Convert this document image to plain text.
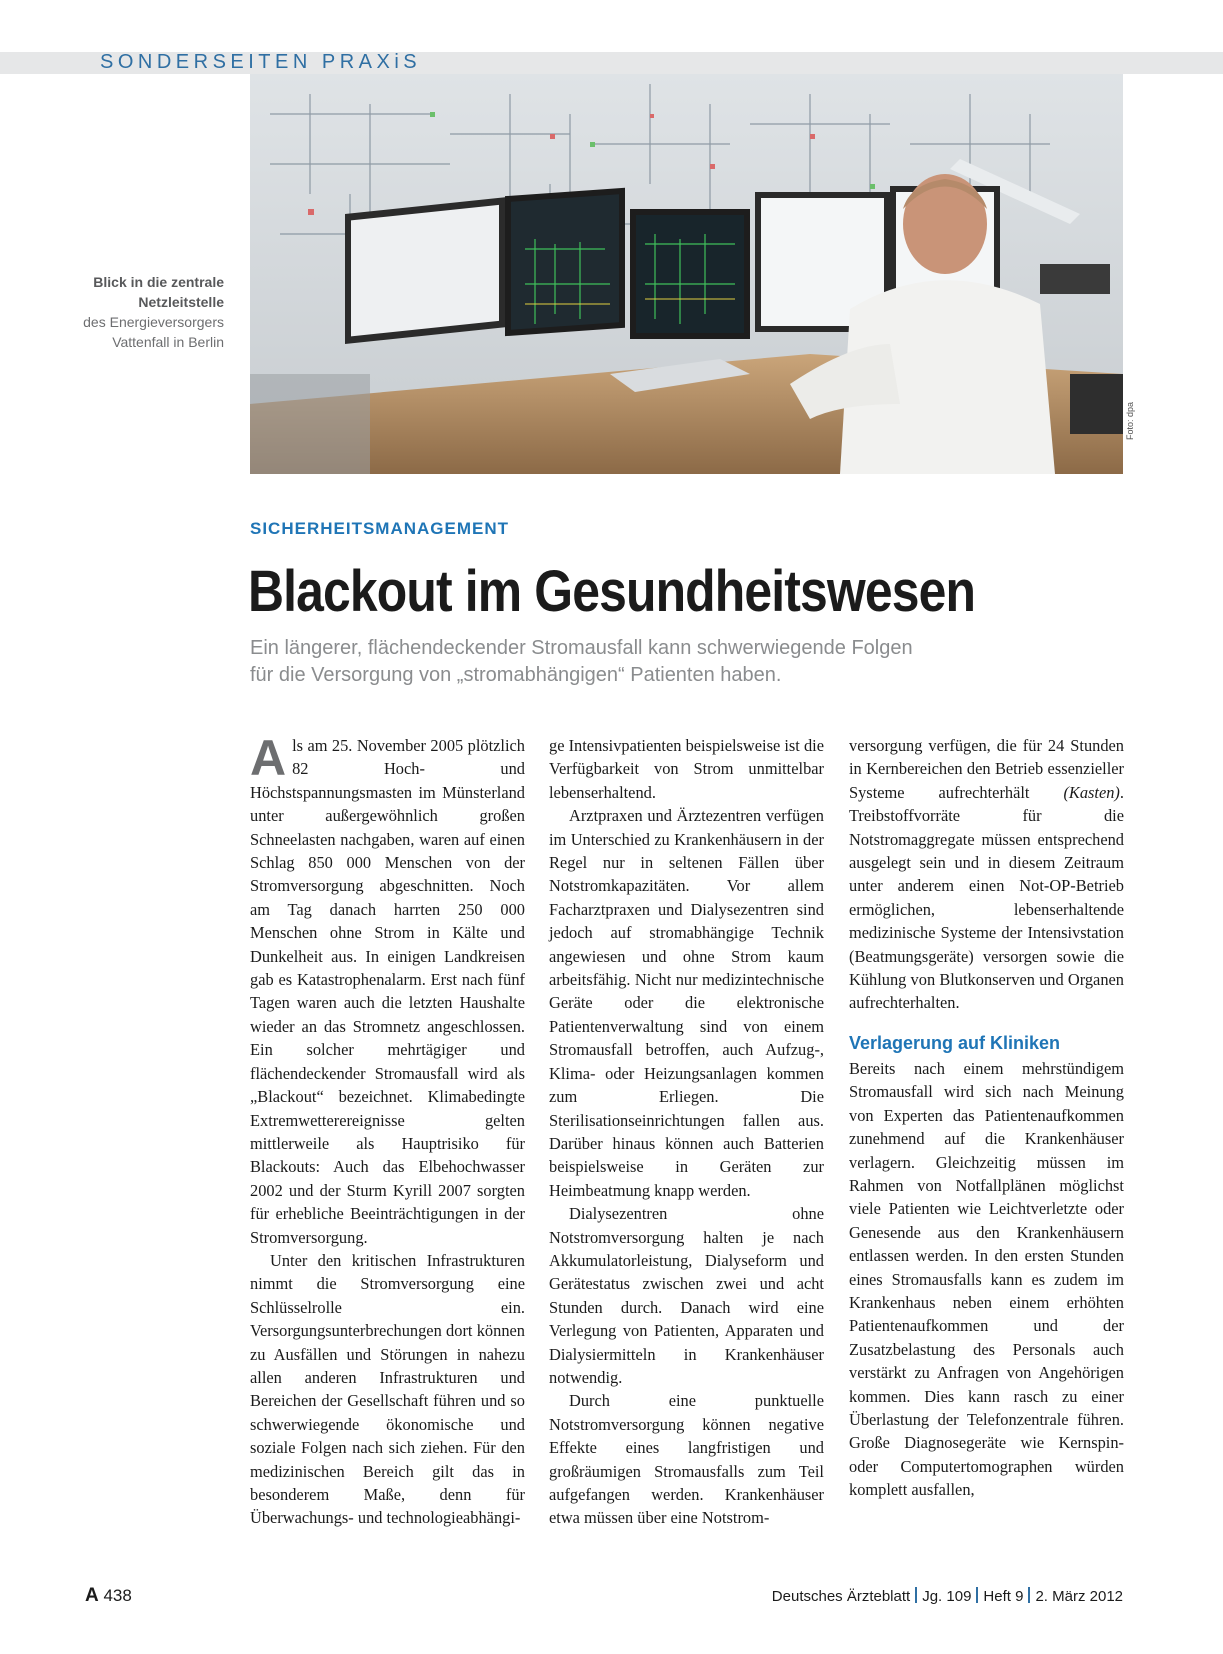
SONDERSEITEN PRAXiS
Foto: dpa
Blick in die zentrale
Netzleitstelle
des Energieversorgers
Vattenfall in Berlin
SICHERHEITSMANAGEMENT
Blackout im Gesundheitswesen
Ein längerer, flächendeckender Stromausfall kann schwerwiegende Folgen
für die Versorgung von „stromabhängigen“ Patienten haben.

Als am 25. November 2005 plötzlich 82 Hoch- und Höchstspannungsmasten im Münsterland unter außergewöhnlich großen Schneelasten nachgaben, waren auf einen Schlag 850 000 Menschen von der Stromversorgung abgeschnitten. Noch am Tag danach harrten 250 000 Menschen ohne Strom in Kälte und Dunkelheit aus. In einigen Landkreisen gab es Katastrophenalarm. Erst nach fünf Tagen waren auch die letzten Haushalte wieder an das Stromnetz angeschlossen. Ein solcher mehrtägiger und flächendeckender Stromausfall wird als „Blackout“ bezeichnet. Klimabedingte Extremwetterereignisse gelten mittlerweile als Hauptrisiko für Blackouts: Auch das Elbehochwasser 2002 und der Sturm Kyrill 2007 sorgten für erhebliche Beeinträchtigungen in der Stromversorgung.

Unter den kritischen Infrastrukturen nimmt die Stromversorgung eine Schlüsselrolle ein. Versorgungsunterbrechungen dort können zu Ausfällen und Störungen in nahezu allen anderen Infrastrukturen und Bereichen der Gesellschaft führen und so schwerwiegende ökonomische und soziale Folgen nach sich ziehen. Für den medizinischen Bereich gilt das in besonderem Maße, denn für Überwachungs- und technologieabhängi-

ge Intensivpatienten beispielsweise ist die Verfügbarkeit von Strom unmittelbar lebenserhaltend.

Arztpraxen und Ärztezentren verfügen im Unterschied zu Krankenhäusern in der Regel nur in seltenen Fällen über Notstromkapazitäten. Vor allem Facharztpraxen und Dialysezentren sind jedoch auf stromabhängige Technik angewiesen und ohne Strom kaum arbeitsfähig. Nicht nur medizintechnische Geräte oder die elektronische Patientenverwaltung sind von einem Stromausfall betroffen, auch Aufzug-, Klima- oder Heizungsanlagen kommen zum Erliegen. Die Sterilisationseinrichtungen fallen aus. Darüber hinaus können auch Batterien beispielsweise in Geräten zur Heimbeatmung knapp werden.

Dialysezentren ohne Notstromversorgung halten je nach Akkumulatorleistung, Dialyseform und Gerätestatus zwischen zwei und acht Stunden durch. Danach wird eine Verlegung von Patienten, Apparaten und Dialysiermitteln in Krankenhäuser notwendig.

Durch eine punktuelle Notstromversorgung können negative Effekte eines langfristigen und großräumigen Stromausfalls zum Teil aufgefangen werden. Krankenhäuser etwa müssen über eine Notstrom-

versorgung verfügen, die für 24 Stunden in Kernbereichen den Betrieb essenzieller Systeme aufrechterhält (Kasten). Treibstoffvorräte für die Notstromaggregate müssen entsprechend ausgelegt sein und in diesem Zeitraum unter anderem einen Not-OP-Betrieb ermöglichen, lebenserhaltende medizinische Systeme der Intensivstation (Beatmungsgeräte) versorgen sowie die Kühlung von Blutkonserven und Organen aufrechterhalten.

Verlagerung auf Kliniken

Bereits nach einem mehrstündigem Stromausfall wird sich nach Meinung von Experten das Patientenaufkommen zunehmend auf die Krankenhäuser verlagern. Gleichzeitig müssen im Rahmen von Notfallplänen möglichst viele Patienten wie Leichtverletzte oder Genesende aus den Krankenhäusern entlassen werden. In den ersten Stunden eines Stromausfalls kann es zudem im Krankenhaus neben einem erhöhten Patientenaufkommen und der Zusatzbelastung des Personals auch verstärkt zu Anfragen von Angehörigen kommen. Dies kann rasch zu einer Überlastung der Telefonzentrale führen. Große Diagnosegeräte wie Kernspin- oder Computertomographen würden komplett ausfallen,

A 438	Deutsches Ärzteblatt Jg. 109 Heft 9 2. März 2012
